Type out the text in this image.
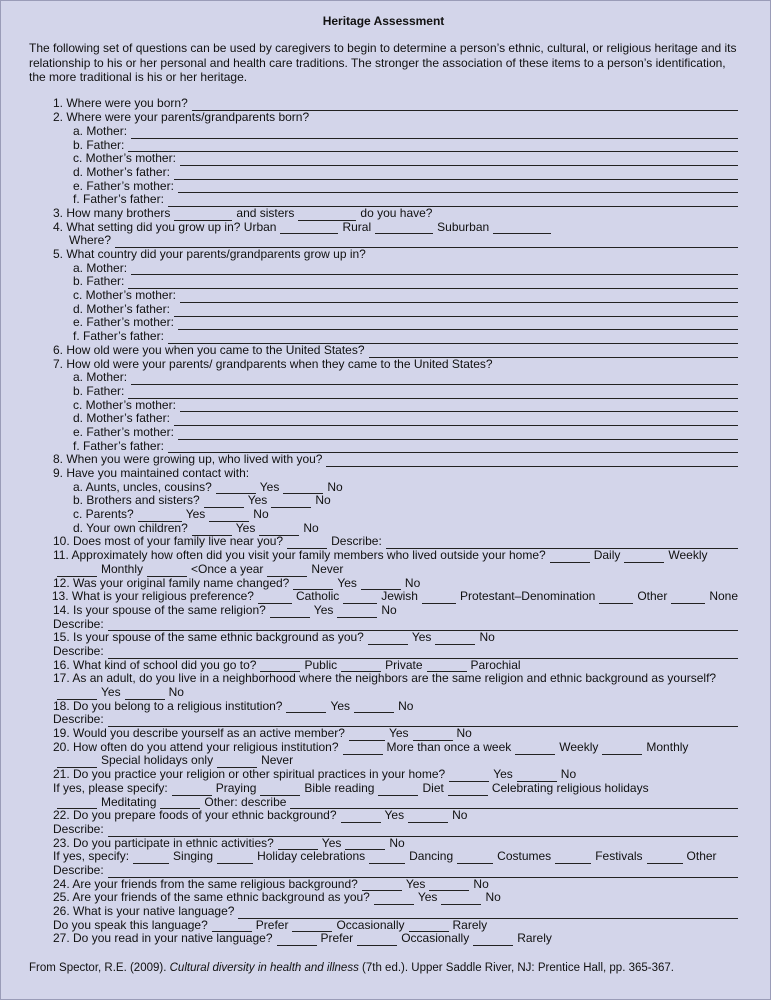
Heritage Assessment
The following set of questions can be used by caregivers to begin to determine a person’s ethnic, cultural, or religious heritage and its relationship to his or her personal and health care traditions. The stronger the association of these items to a person’s identification, the more traditional is his or her heritage.
1. Where were you born?
2. Where were your parents/grandparents born?
a. Mother:
b. Father:
c. Mother’s mother:
d. Mother’s father:
e. Father’s mother:
f. Father’s father:
3. How many brothers	and sisters	do you have?
4. What setting did you grow up in? Urban	Rural	Suburban
Where?
5. What country did your parents/grandparents grow up in?
a. Mother:
b. Father:
c. Mother’s mother:
d. Mother’s father:
e. Father’s mother:
f. Father’s father:
6. How old were you when you came to the United States?
7. How old were your parents/ grandparents when they came to the United States?
a. Mother:
b. Father:
c. Mother’s mother:
d. Mother’s father:
e. Father’s mother:
f. Father’s father:
8. When you were growing up, who lived with you?
9. Have you maintained contact with:
a. Aunts, uncles, cousins?	Yes	No
b. Brothers and sisters?	Yes	No
c. Parents?	Yes	No
d. Your own children?	Yes	No
10. Does most of your family live near you?	Describe:
11. Approximately how often did you visit your family members who lived outside your home?	Daily	Weekly
Monthly	<Once a year	Never
12. Was your original family name changed?	Yes	No
13. What is your religious preference?	Catholic	Jewish	Protestant–Denomination	Other	None
14. Is your spouse of the same religion?	Yes	No
Describe:
15. Is your spouse of the same ethnic background as you?	Yes	No
Describe:
16. What kind of school did you go to?	Public	Private	Parochial
17. As an adult, do you live in a neighborhood where the neighbors are the same religion and ethnic background as yourself?
Yes	No
18. Do you belong to a religious institution?	Yes	No
Describe:
19. Would you describe yourself as an active member?	Yes	No
20. How often do you attend your religious institution?	More than once a week	Weekly	Monthly
Special holidays only	Never
21. Do you practice your religion or other spiritual practices in your home?	Yes	No
If yes, please specify:	Praying	Bible reading	Diet	Celebrating religious holidays
Meditating	Other: describe
22. Do you prepare foods of your ethnic background?	Yes	No
Describe:
23. Do you participate in ethnic activities?	Yes	No
If yes, specify:	Singing	Holiday celebrations	Dancing	Costumes	Festivals	Other
Describe:
24. Are your friends from the same religious background?	Yes	No
25. Are your friends of the same ethnic background as you?	Yes	No
26. What is your native language?
Do you speak this language?	Prefer	Occasionally	Rarely
27. Do you read in your native language?	Prefer	Occasionally	Rarely
From Spector, R.E. (2009). Cultural diversity in health and illness (7th ed.). Upper Saddle River, NJ: Prentice Hall, pp. 365-367.
